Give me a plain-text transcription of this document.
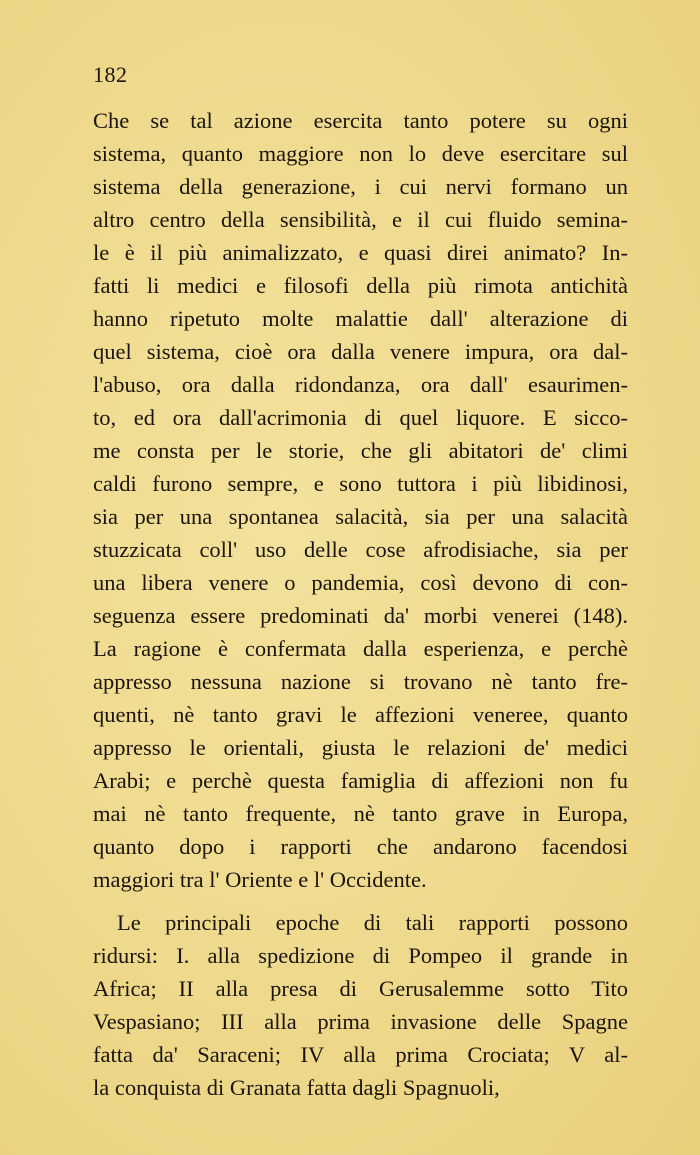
182
Che se tal azione esercita tanto potere su ogni
sistema, quanto maggiore non lo deve esercitare sul
sistema della generazione, i cui nervi formano un
altro centro della sensibilità, e il cui fluido semina-
le è il più animalizzato, e quasi direi animato? In-
fatti li medici e filosofi della più rimota antichità
hanno ripetuto molte malattie dall' alterazione di
quel sistema, cioè ora dalla venere impura, ora dal-
l'abuso, ora dalla ridondanza, ora dall' esaurimen-
to, ed ora dall'acrimonia di quel liquore. E sicco-
me consta per le storie, che gli abitatori de' climi
caldi furono sempre, e sono tuttora i più libidinosi,
sia per una spontanea salacità, sia per una salacità
stuzzicata coll' uso delle cose afrodisiache, sia per
una libera venere o pandemia, così devono di con-
seguenza essere predominati da' morbi venerei (148).
La ragione è confermata dalla esperienza, e perchè
appresso nessuna nazione si trovano nè tanto fre-
quenti, nè tanto gravi le affezioni veneree, quanto
appresso le orientali, giusta le relazioni de' medici
Arabi; e perchè questa famiglia di affezioni non fu
mai nè tanto frequente, nè tanto grave in Europa,
quanto dopo i rapporti che andarono facendosi
maggiori tra l' Oriente e l' Occidente.
Le principali epoche di tali rapporti possono
ridursi: I. alla spedizione di Pompeo il grande in
Africa; II alla presa di Gerusalemme sotto Tito
Vespasiano; III alla prima invasione delle Spagne
fatta da' Saraceni; IV alla prima Crociata; V al-
la conquista di Granata fatta dagli Spagnuoli,
